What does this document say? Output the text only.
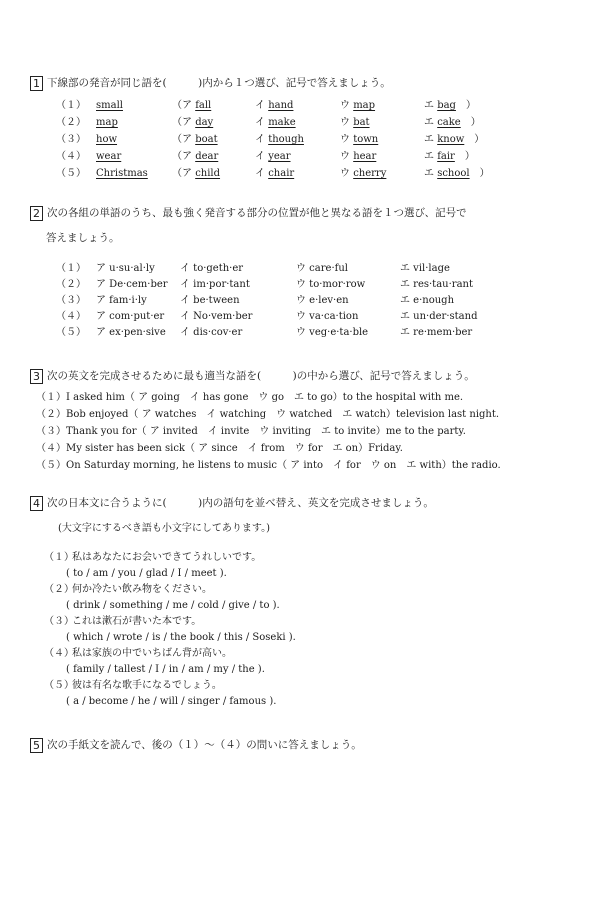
1 下線部の発音が同じ語を(　　　)内から１つ選び、記号で答えましょう。
（１） small	（ア fall	イ hand	ウ map	エ bag　）
（２） map	（ア day	イ make	ウ bat	エ cake　）
（３） how	（ア boat	イ though	ウ town	エ know　）
（４） wear	（ア dear	イ year	ウ hear	エ fair　）
（５） Christmas （ア child	イ chair	ウ cherry	エ school　）
2 次の各組の単語のうち、最も強く発音する部分の位置が他と異なる語を１つ選び、記号で
答えましょう。
（１） ア u·su·al·ly	イ to·geth·er	ウ care·ful	エ vil·lage
（２） ア De·cem·ber イ im·por·tant	ウ to·mor·row	エ res·tau·rant
（３） ア fam·i·ly	イ be·tween	ウ e·lev·en	エ e·nough
（４） ア com·put·er イ No·vem·ber	ウ va·ca·tion	エ un·der·stand
（５） ア ex·pen·sive イ dis·cov·er	ウ veg·e·ta·ble	エ re·mem·ber
3 次の英文を完成させるために最も適当な語を(　　　)の中から選び、記号で答えましょう。
（１） I asked him（ ア going　イ has gone　ウ go　エ to go）to the hospital with me.
（２） Bob enjoyed（ ア watches　イ watching　ウ watched　エ watch）television last night.
（３） Thank you for（ ア invited　イ invite　ウ inviting　エ to invite）me to the party.
（４） My sister has been sick（ ア since　イ from　ウ for　エ on）Friday.
（５） On Saturday morning, he listens to music（ ア into　イ for　ウ on　エ with）the radio.
4 次の日本文に合うように(　　　)内の語句を並べ替え、英文を完成させましょう。
(大文字にするべき語も小文字にしてあります。)
（１）
私はあなたにお会いできてうれしいです。
( to / am / you / glad / I / meet ).
（２）
何か冷たい飲み物をください。
( drink / something / me / cold / give / to ).
（３）
これは漱石が書いた本です。
( which / wrote / is / the book / this / Soseki ).
（４）
私は家族の中でいちばん背が高い。
( family / tallest / I / in / am / my / the ).
（５）
彼は有名な歌手になるでしょう。
( a / become / he / will / singer / famous ).
5 次の手紙文を読んで、後の（１）～（４）の問いに答えましょう。
